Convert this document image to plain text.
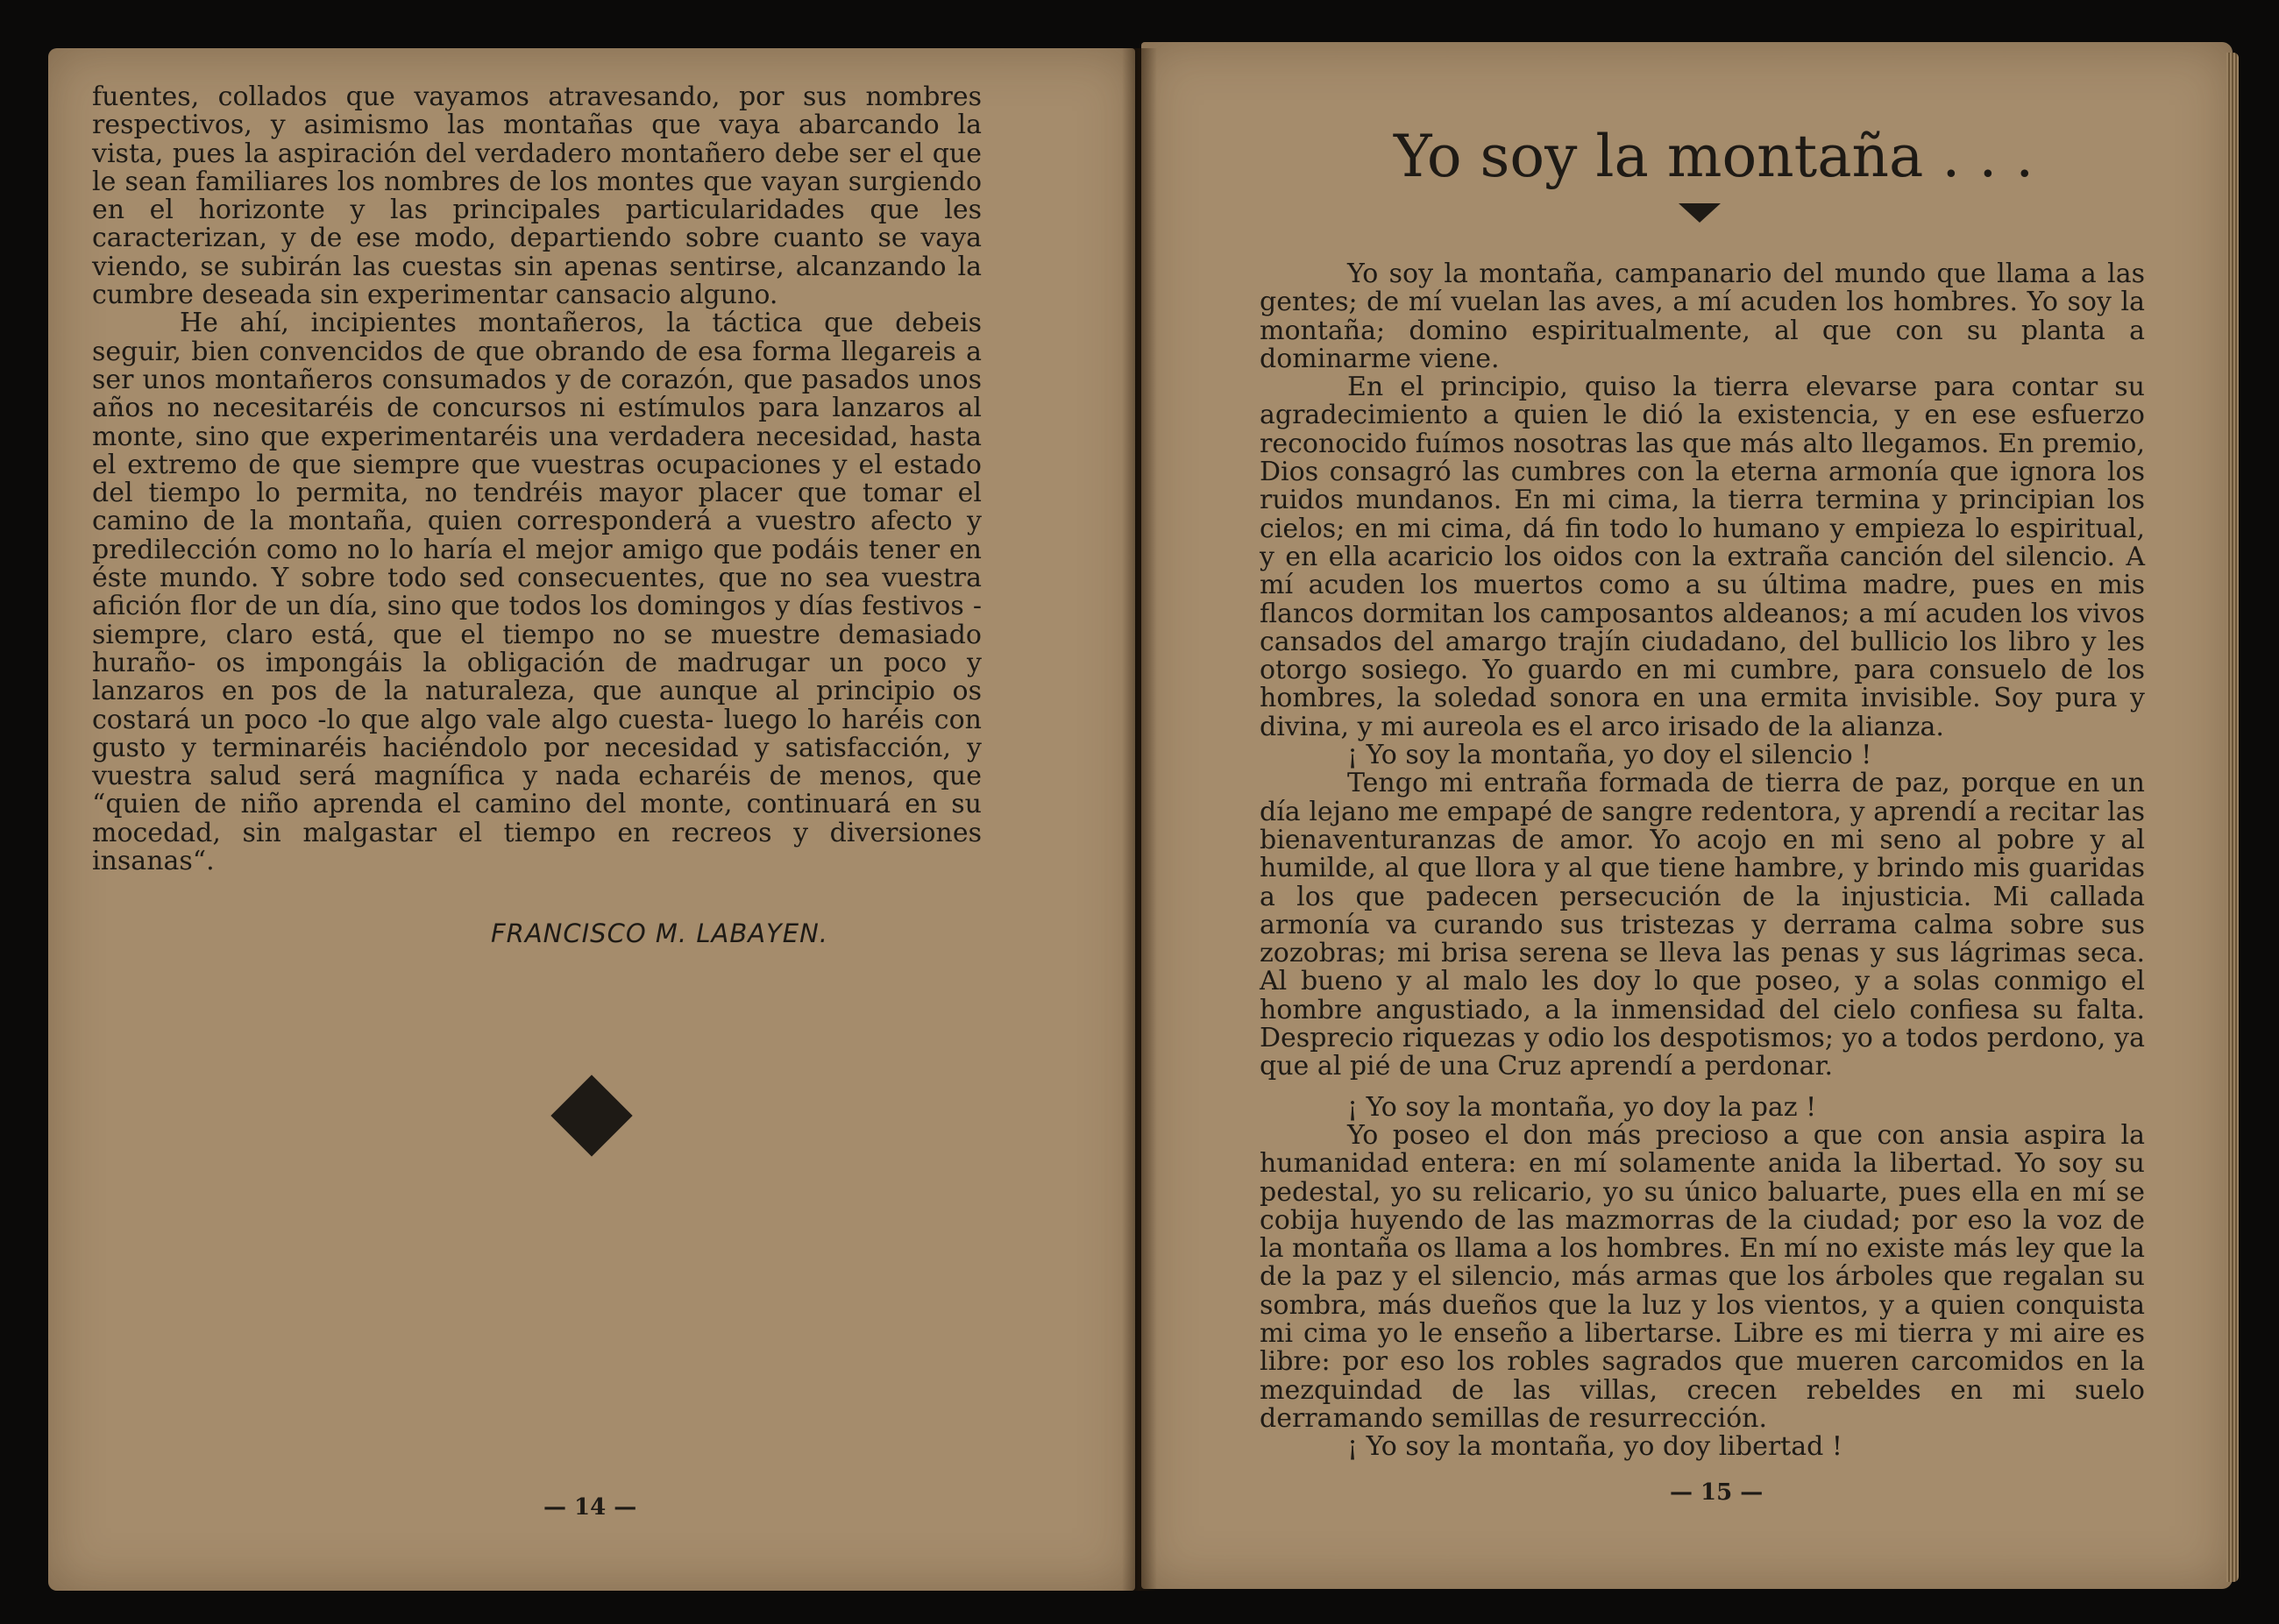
fuentes, collados que vayamos atravesando, por sus nombres respectivos, y asimismo las montañas que vaya abarcando la vista, pues la aspiración del verdadero montañero debe ser el que le sean familiares los nombres de los montes que vayan surgiendo en el horizonte y las principales particularidades que les caracterizan, y de ese modo, departiendo sobre cuanto se vaya viendo, se subirán las cuestas sin apenas sentirse, alcanzando la cumbre deseada sin experimentar cansacio alguno.

He ahí, incipientes montañeros, la táctica que debeis seguir, bien convencidos de que obrando de esa forma llegareis a ser unos montañeros consumados y de corazón, que pasados unos años no necesitaréis de concursos ni estímulos para lanzaros al monte, sino que experimentaréis una verdadera necesidad, hasta el extremo de que siempre que vuestras ocupaciones y el estado del tiempo lo permita, no tendréis mayor placer que tomar el camino de la montaña, quien corresponderá a vuestro afecto y predilección como no lo haría el mejor amigo que podáis tener en éste mundo. Y sobre todo sed consecuentes, que no sea vuestra afición flor de un día, sino que todos los domingos y días festivos -siempre, claro está, que el tiempo no se muestre demasiado huraño- os impongáis la obligación de madrugar un poco y lanzaros en pos de la naturaleza, que aunque al principio os costará un poco -lo que algo vale algo cuesta- luego lo haréis con gusto y terminaréis haciéndolo por necesidad y satisfacción, y vuestra salud será magnífica y nada echaréis de menos, que “quien de niño aprenda el camino del monte, continuará en su mocedad, sin malgastar el tiempo en recreos y diversiones insanas“.

FRANCISCO M. LABAYEN.
— 14 —
Yo soy la montaña . . .

Yo soy la montaña, campanario del mundo que llama a las gentes; de mí vuelan las aves, a mí acuden los hombres. Yo soy la montaña; domino espiritualmente, al que con su planta a dominarme viene.

En el principio, quiso la tierra elevarse para contar su agradecimiento a quien le dió la existencia, y en ese esfuerzo reconocido fuímos nosotras las que más alto llegamos. En premio, Dios consagró las cumbres con la eterna armonía que ignora los ruidos mundanos. En mi cima, la tierra termina y principian los cielos; en mi cima, dá fin todo lo humano y empieza lo espiritual, y en ella acaricio los oidos con la extraña canción del silencio. A mí acuden los muertos como a su última madre, pues en mis flancos dormitan los camposantos aldeanos; a mí acuden los vivos cansados del amargo trajín ciudadano, del bullicio los libro y les otorgo sosiego. Yo guardo en mi cumbre, para consuelo de los hombres, la soledad sonora en una ermita invisible. Soy pura y divina, y mi aureola es el arco irisado de la alianza.

¡ Yo soy la montaña, yo doy el silencio !

Tengo mi entraña formada de tierra de paz, porque en un día lejano me empapé de sangre redentora, y aprendí a recitar las bienaventuranzas de amor. Yo acojo en mi seno al pobre y al humilde, al que llora y al que tiene hambre, y brindo mis guaridas a los que padecen persecución de la injusticia. Mi callada armonía va curando sus tristezas y derrama calma sobre sus zozobras; mi brisa serena se lleva las penas y sus lágrimas seca. Al bueno y al malo les doy lo que poseo, y a solas conmigo el hombre angustiado, a la inmensidad del cielo confiesa su falta. Desprecio riquezas y odio los despotismos; yo a todos perdono, ya que al pié de una Cruz aprendí a perdonar.

¡ Yo soy la montaña, yo doy la paz !

Yo poseo el don más precioso a que con ansia aspira la humanidad entera: en mí solamente anida la libertad. Yo soy su pedestal, yo su relicario, yo su único baluarte, pues ella en mí se cobija huyendo de las mazmorras de la ciudad; por eso la voz de la montaña os llama a los hombres. En mí no existe más ley que la de la paz y el silencio, más armas que los árboles que regalan su sombra, más dueños que la luz y los vientos, y a quien conquista mi cima yo le enseño a libertarse. Libre es mi tierra y mi aire es libre: por eso los robles sagrados que mueren carcomidos en la mezquindad de las villas, crecen rebeldes en mi suelo derramando semillas de resurrección.

¡ Yo soy la montaña, yo doy libertad !

— 15 —
